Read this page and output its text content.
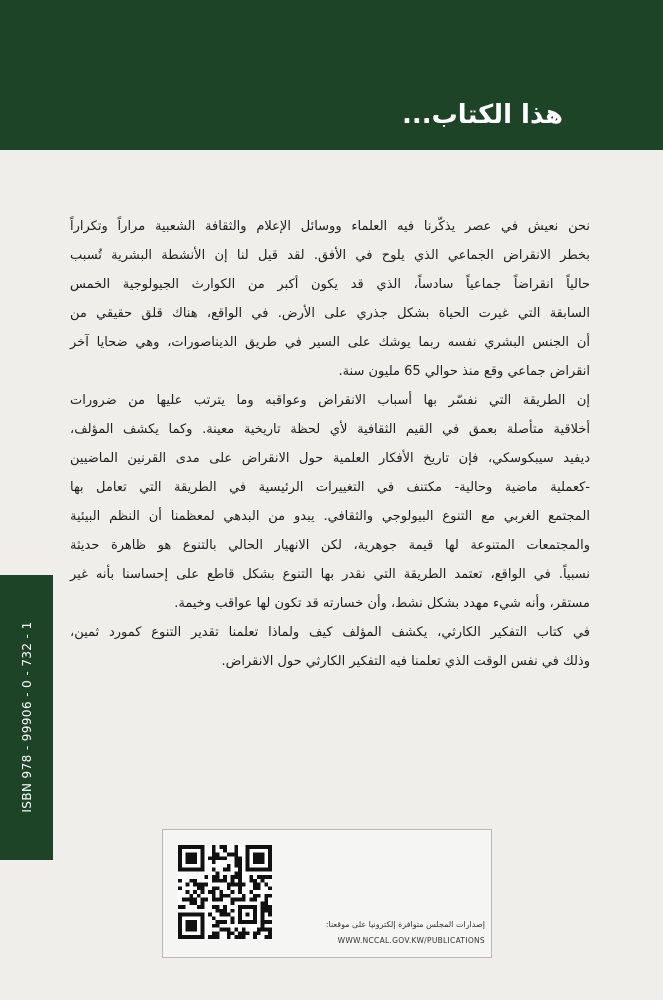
هذا الكتاب...
نحن نعيش في عصر يذكّرنا فيه العلماء ووسائل الإعلام والثقافة الشعبية مراراً وتكراراً
بخطر الانقراض الجماعي الذي يلوح في الأفق. لقد قيل لنا إن الأنشطة البشرية تُسبب
حالياً انقراضاً جماعياً سادساً، الذي قد يكون أكبر من الكوارث الجيولوجية الخمس
السابقة التي غيرت الحياة بشكل جذري على الأرض. في الواقع، هناك قلق حقيقي من
أن الجنس البشري نفسه ربما يوشك على السير في طريق الديناصورات، وهي ضحايا آخر
انقراض جماعي وقع منذ حوالي 65 مليون سنة.
إن الطريقة التي نفسّر بها أسباب الانقراض وعواقبه وما يترتب عليها من ضرورات
أخلاقية متأصلة بعمق في القيم الثقافية لأي لحظة تاريخية معينة. وكما يكشف المؤلف،
ديفيد سيبكوسكي، فإن تاريخ الأفكار العلمية حول الانقراض على مدى القرنين الماضيين
-كعملية ماضية وحالية- مكتنف في التغييرات الرئيسية في الطريقة التي تعامل بها
المجتمع الغربي مع التنوع البيولوجي والثقافي. يبدو من البدهي لمعظمنا أن النظم البيئية
والمجتمعات المتنوعة لها قيمة جوهرية، لكن الانهيار الحالي بالتنوع هو ظاهرة حديثة
نسبياً. في الواقع، تعتمد الطريقة التي نقدر بها التنوع بشكل قاطع على إحساسنا بأنه غير
مستقر، وأنه شيء مهدد بشكل نشط، وأن خسارته قد تكون لها عواقب وخيمة.
في كتاب التفكير الكارثي، يكشف المؤلف كيف ولماذا تعلمنا تقدير التنوع كمورد ثمين،
وذلك في نفس الوقت الذي تعلمنا فيه التفكير الكارثي حول الانقراض.
ISBN 978 - 99906 - 0 - 732 - 1
إصدارات المجلس متوافرة إلكترونيا على موقعنا:
WWW.NCCAL.GOV.KW/PUBLICATIONS
